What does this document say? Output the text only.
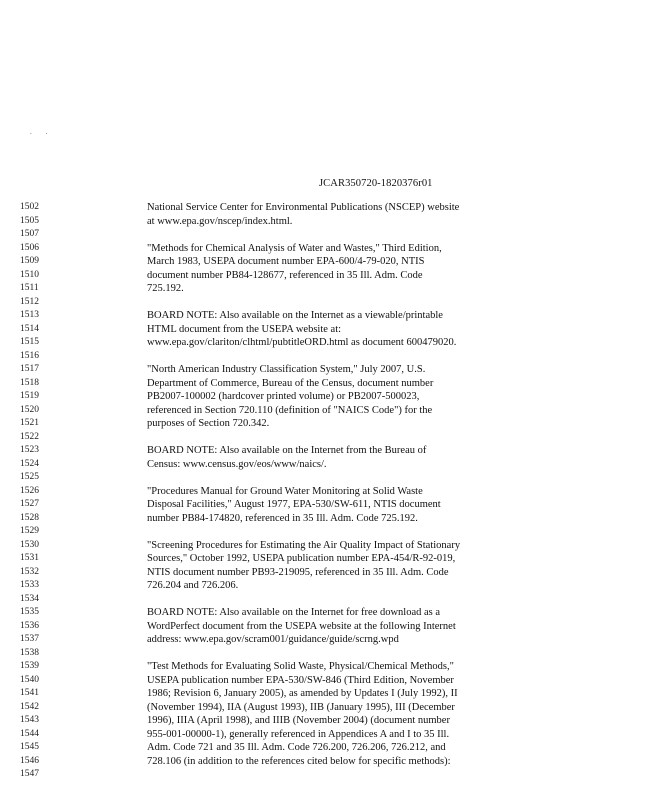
. .
JCAR350720-1820376r01
1502	National Service Center for Environmental Publications (NSCEP) website
1505	at www.epa.gov/nscep/index.html.
1507
1506	"Methods for Chemical Analysis of Water and Wastes," Third Edition,
1509	March 1983, USEPA document number EPA-600/4-79-020, NTIS
1510	document number PB84-128677, referenced in 35 Ill. Adm. Code
1511	725.192.
1512
1513	BOARD NOTE: Also available on the Internet as a viewable/printable
1514	HTML document from the USEPA website at:
1515	www.epa.gov/clariton/clhtml/pubtitleORD.html as document 600479020.
1516
1517	"North American Industry Classification System," July 2007, U.S.
1518	Department of Commerce, Bureau of the Census, document number
1519	PB2007-100002 (hardcover printed volume) or PB2007-500023,
1520	referenced in Section 720.110 (definition of "NAICS Code") for the
1521	purposes of Section 720.342.
1522
1523	BOARD NOTE: Also available on the Internet from the Bureau of
1524	Census: www.census.gov/eos/www/naics/.
1525
1526	"Procedures Manual for Ground Water Monitoring at Solid Waste
1527	Disposal Facilities," August 1977, EPA-530/SW-611, NTIS document
1528	number PB84-174820, referenced in 35 Ill. Adm. Code 725.192.
1529
1530	"Screening Procedures for Estimating the Air Quality Impact of Stationary
1531	Sources," October 1992, USEPA publication number EPA-454/R-92-019,
1532	NTIS document number PB93-219095, referenced in 35 Ill. Adm. Code
1533	726.204 and 726.206.
1534
1535	BOARD NOTE: Also available on the Internet for free download as a
1536	WordPerfect document from the USEPA website at the following Internet
1537	address: www.epa.gov/scram001/guidance/guide/scrng.wpd
1538
1539	"Test Methods for Evaluating Solid Waste, Physical/Chemical Methods,"
1540	USEPA publication number EPA-530/SW-846 (Third Edition, November
1541	1986; Revision 6, January 2005), as amended by Updates I (July 1992), II
1542	(November 1994), IIA (August 1993), IIB (January 1995), III (December
1543	1996), IIIA (April 1998), and IIIB (November 2004) (document number
1544	955-001-00000-1), generally referenced in Appendices A and I to 35 Ill.
1545	Adm. Code 721 and 35 Ill. Adm. Code 726.200, 726.206, 726.212, and
1546	728.106 (in addition to the references cited below for specific methods):
1547
